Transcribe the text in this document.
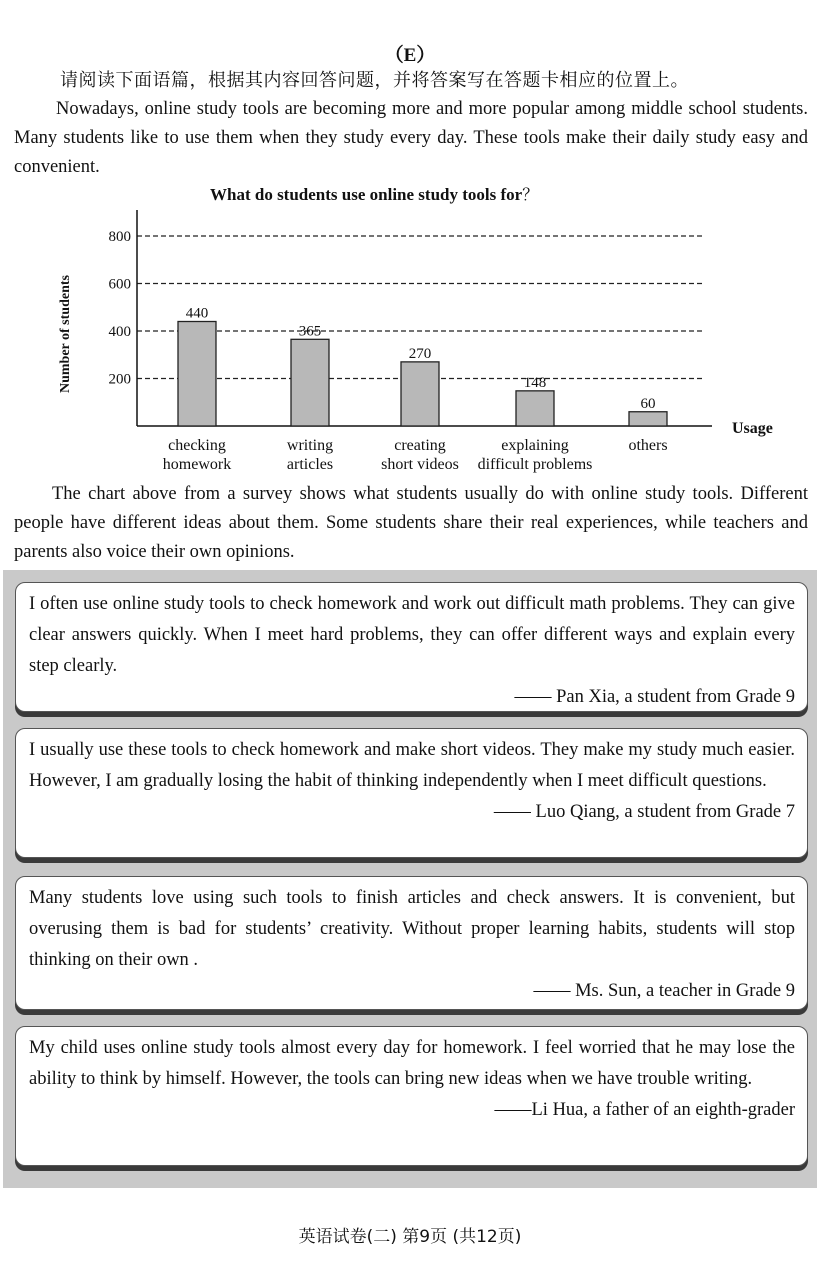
（E）
请阅读下面语篇，根据其内容回答问题，并将答案写在答题卡相应的位置上。

Nowadays, online study tools are becoming more and more popular among middle school students. Many students like to use them when they study every day. These tools make their daily study easy and convenient.

What do students use online study tools for？
Number of students
Usage
200
400
600
800
440
checking
homework
365
writing
articles
270
creating
short videos
148
explaining
difficult problems
60
others

The chart above from a survey shows what students usually do with online study tools. Different people have different ideas about them. Some students share their real experiences, while teachers and parents also voice their own opinions.

I often use online study tools to check homework and work out difficult math problems. They can give clear answers quickly. When I meet hard problems, they can offer different ways and explain every step clearly.

—— Pan Xia, a student from Grade 9

I usually use these tools to check homework and make short videos. They make my study much easier. However, I am gradually losing the habit of thinking independently when I meet difficult questions.

—— Luo Qiang, a student from Grade 7

Many students love using such tools to finish articles and check answers. It is convenient, but overusing them is bad for students’ creativity. Without proper learning habits, students will stop thinking on their own .

—— Ms. Sun, a teacher in Grade 9

My child uses online study tools almost every day for homework. I feel worried that he may lose the ability to think by himself. However, the tools can bring new ideas when we have trouble writing.

——Li Hua, a father of an eighth-grader

英语试卷(二) 第9页 (共12页)
